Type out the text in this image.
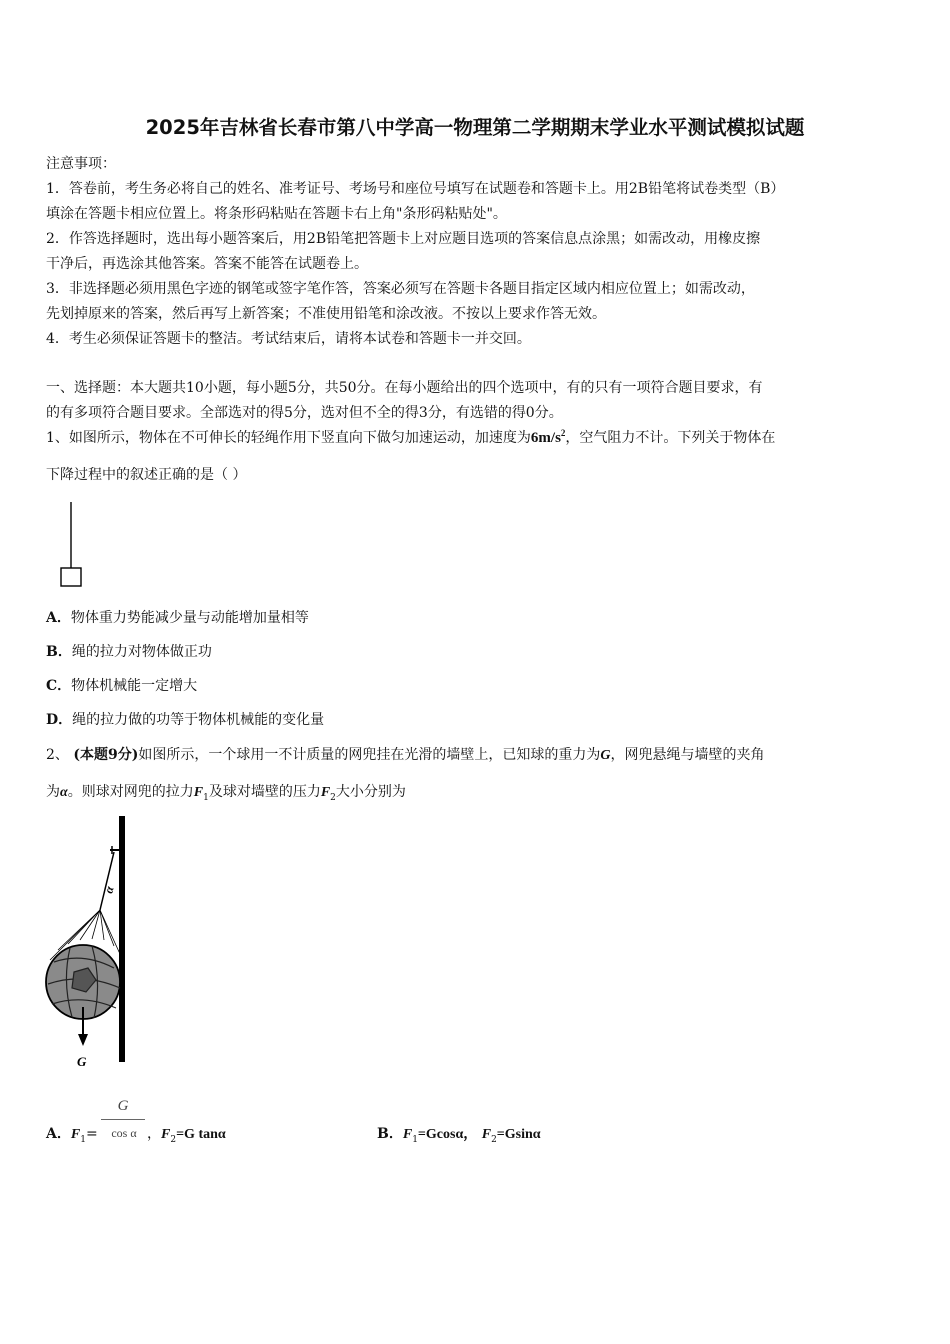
2025年吉林省长春市第八中学高一物理第二学期期末学业水平测试模拟试题
注意事项：
1．答卷前，考生务必将自己的姓名、准考证号、考场号和座位号填写在试题卷和答题卡上。用2B铅笔将试卷类型（B）
填涂在答题卡相应位置上。将条形码粘贴在答题卡右上角"条形码粘贴处"。
2．作答选择题时，选出每小题答案后，用2B铅笔把答题卡上对应题目选项的答案信息点涂黑；如需改动，用橡皮擦
干净后，再选涂其他答案。答案不能答在试题卷上。
3．非选择题必须用黑色字迹的钢笔或签字笔作答，答案必须写在答题卡各题目指定区域内相应位置上；如需改动，
先划掉原来的答案，然后再写上新答案；不准使用铅笔和涂改液。不按以上要求作答无效。
4．考生必须保证答题卡的整洁。考试结束后，请将本试卷和答题卡一并交回。
一、选择题：本大题共10小题，每小题5分，共50分。在每小题给出的四个选项中，有的只有一项符合题目要求，有
的有多项符合题目要求。全部选对的得5分，选对但不全的得3分，有选错的得0分。
1、如图所示，物体在不可伸长的轻绳作用下竖直向下做匀加速运动，加速度为$6m/s^2$，空气阻力不计。下列关于物体在
下降过程中的叙述正确的是（ ）
A．物体重力势能减少量与动能增加量相等
B．绳的拉力对物体做正功
C．物体机械能一定增大
D．绳的拉力做的功等于物体机械能的变化量
2、 (本题9分)如图所示，一个球用一不计质量的网兜挂在光滑的墙壁上，已知球的重力为G，网兜悬绳与墙壁的夹角
为α。则球对网兜的拉力$F_1$及球对墙壁的压力$F_2$大小分别为
α
G
A．$F_1=$
G
cos α ，$F_2=G$ tanα	B．$F_1=Gcos\alpha$， $F_2=Gsin\alpha$
